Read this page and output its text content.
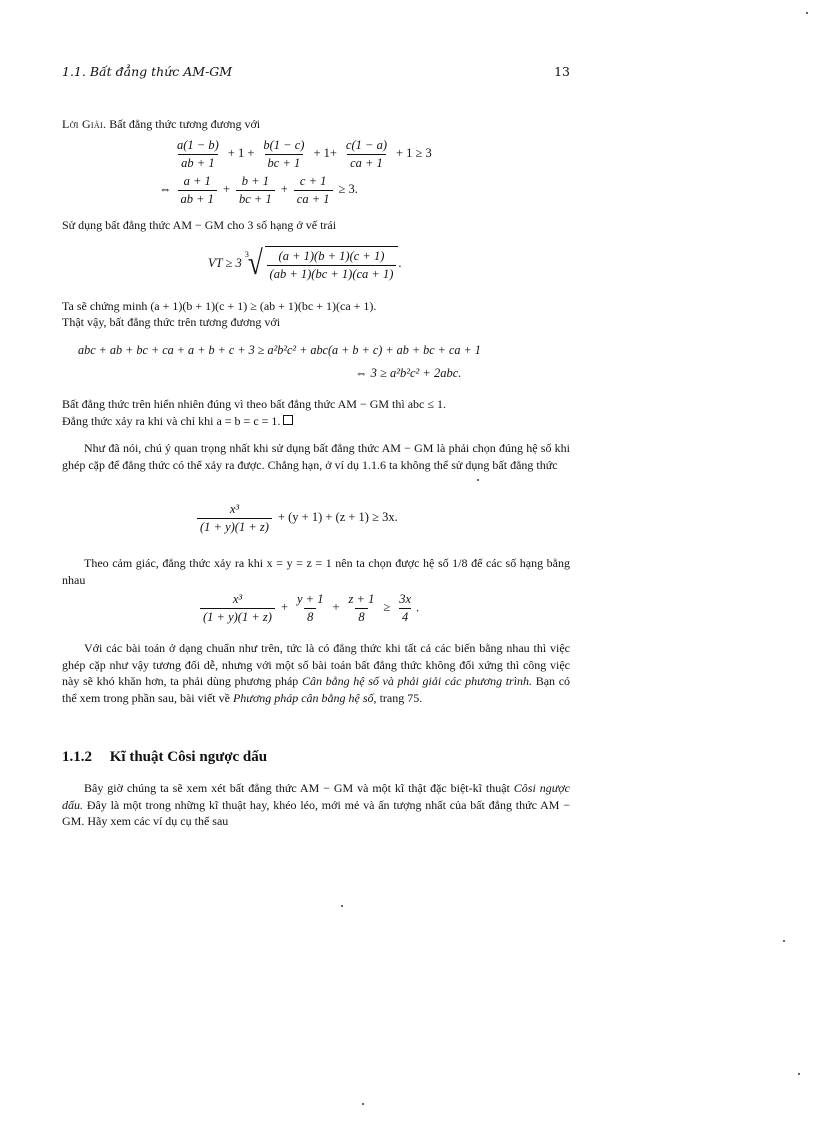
1.1. Bất đẳng thức AM-GM	13
Lời Giải. Bất đẳng thức tương đương với
$\frac{a(1 - b)}{ab + 1} + 1 + \frac{b(1 - c)}{bc + 1} + 1+ \frac{c(1 - a)}{ca + 1} + 1 \ge 3$
⇔ $\frac{a + 1}{ab + 1} + \frac{b + 1}{bc + 1} + \frac{c + 1}{ca + 1} \ge 3$.
Sử dụng bất đẳng thức AM − GM cho 3 số hạng ở vế trái
VT ≥ 3
3
√ $\frac{(a + 1)(b + 1)(c + 1)}{(ab + 1)(bc + 1)(ca + 1)}$ .
Ta sẽ chứng minh (a + 1)(b + 1)(c + 1) ≥ (ab + 1)(bc + 1)(ca + 1).
Thật vậy, bất đẳng thức trên tương đương với
abc + ab + bc + ca + a + b + c + 3 ≥ a²b²c² + abc(a + b + c) + ab + bc + ca + 1
⇔ 3 ≥ a²b²c² + 2abc.
Bất đẳng thức trên hiển nhiên đúng vì theo bất đẳng thức AM − GM thì abc ≤ 1.
Đẳng thức xảy ra khi và chỉ khi a = b = c = 1.
Như đã nói, chú ý quan trọng nhất khi sử dụng bất đẳng thức AM − GM là phải chọn đúng hệ số khi ghép cặp để đẳng thức có thể xảy ra được. Chẳng hạn, ở ví dụ 1.1.6 ta không thể sử dụng bất đẳng thức
$\frac{\text{x³}}{(1 + y)(1 + z)} + (y + 1) + (z + 1) \ge 3x$.
Theo cảm giác, đẳng thức xảy ra khi x = y = z = 1 nên ta chọn được hệ số 1/8 để các số hạng bằng nhau
$\frac{\text{x³}}{(1 + y)(1 + z)} + \frac{y + 1}{8} + \frac{z + 1}{8} \ge \frac{3x}{4}$ .
Với các bài toán ở dạng chuẩn như trên, tức là có đẳng thức khi tất cả các biến bằng nhau thì việc ghép cặp như vậy tương đối dễ, nhưng với một số bài toán bất đẳng thức không đối xứng thì công việc này sẽ khó khăn hơn, ta phải dùng phương pháp Cân bằng hệ số và phải giải các phương trình. Bạn có thể xem trong phần sau, bài viết về Phương pháp cân bằng hệ số, trang 75.
1.1.2 Kĩ thuật Côsi ngược dấu
Bây giờ chúng ta sẽ xem xét bất đẳng thức AM − GM và một kĩ thật đặc biệt-kĩ thuật Côsi ngược dấu. Đây là một trong những kĩ thuật hay, khéo léo, mới mẻ và ấn tượng nhất của bất đẳng thức AM − GM. Hãy xem các ví dụ cụ thể sau
